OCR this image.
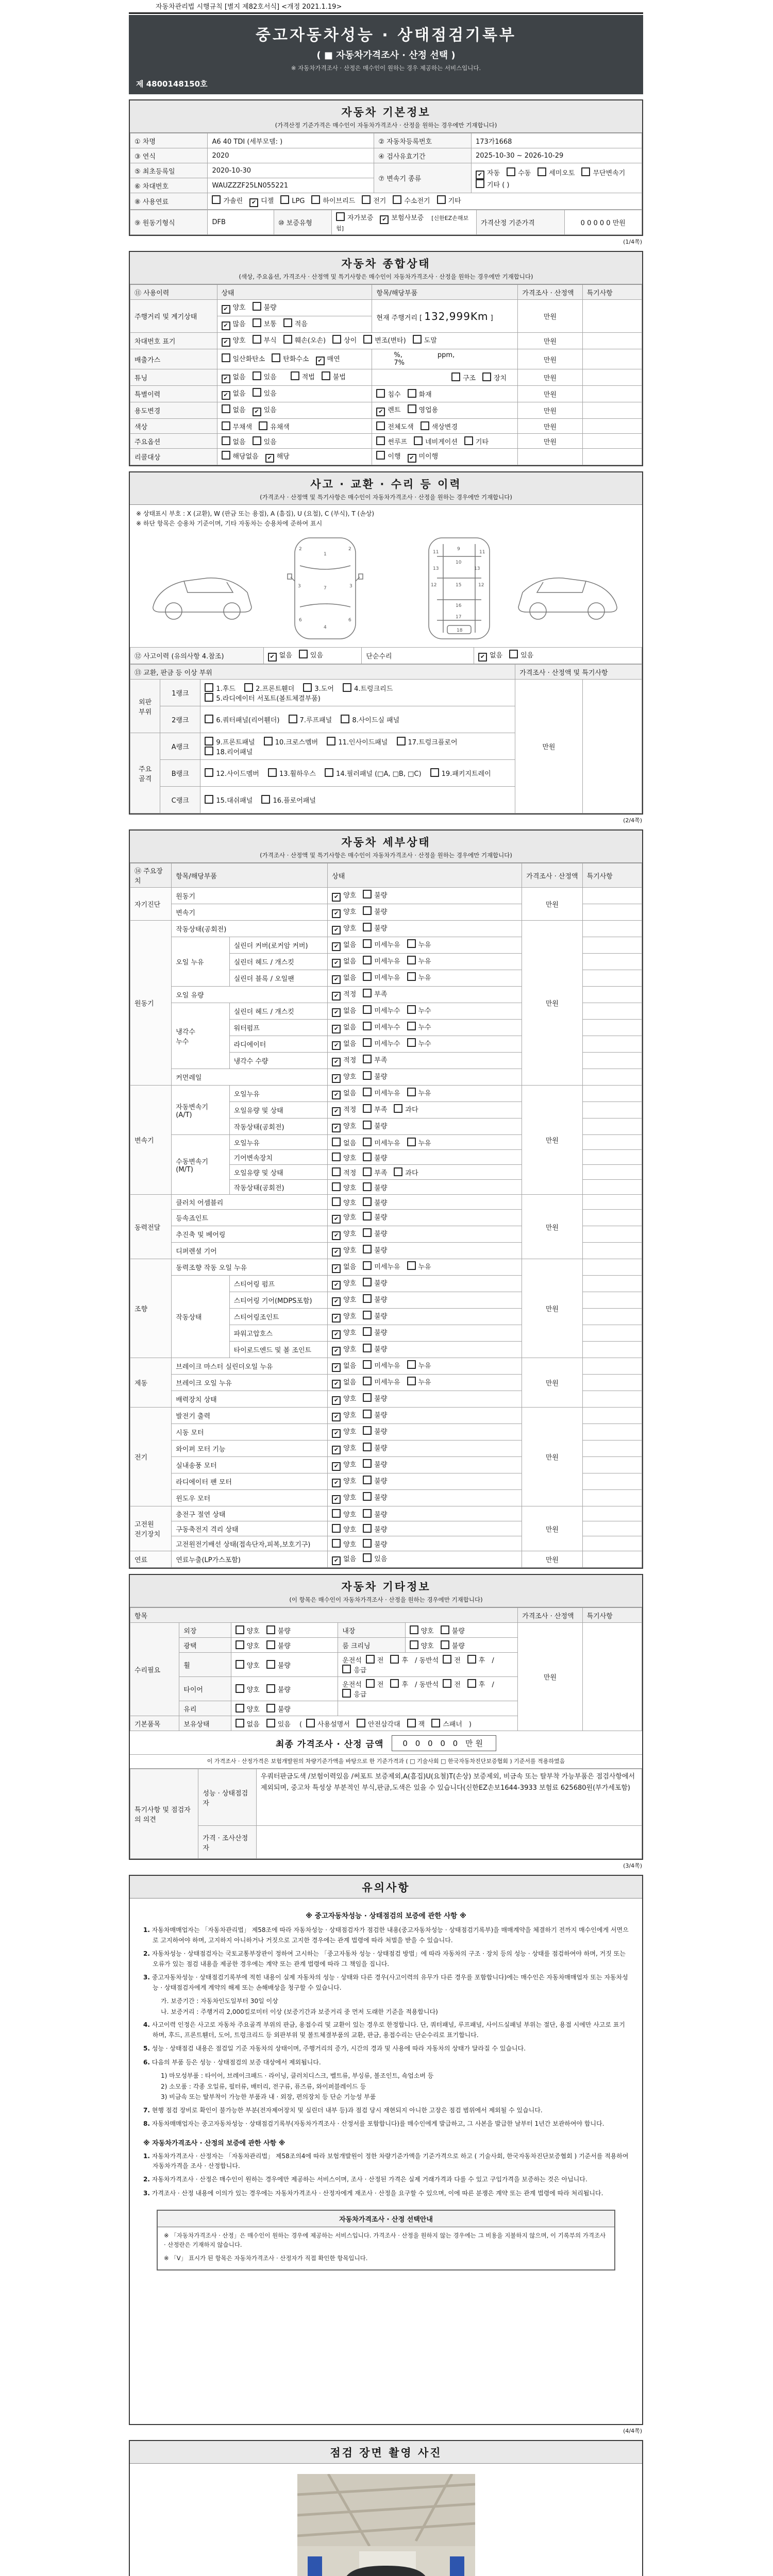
자동차관리법 시행규칙 [별지 제82호서식] <개정 2021.1.19>
중고자동차성능 · 상태점검기록부
( ■ 자동차가격조사 · 산정 선택 )
※ 자동차가격조사 · 산정은 매수인이 원하는 경우 제공하는 서비스입니다.
제 4800148150호
자동차 기본정보
(가격산정 기준가격은 매수인이 자동차가격조사 · 산정을 원하는 경우에만 기재합니다)
① 차명	A6 40 TDI (세부모델: )	② 자동차등록번호	173가1668
③ 연식	2020	④ 검사유효기간	2025-10-30 ~ 2026-10-29
⑤ 최초등록일	2020-10-30	⑦ 변속기 종류	✔ 자동 수동 세미오토 무단변속기기타 ( )
⑥ 차대번호	WAUZZZF25LN055221		
⑧ 사용연료	가솔린 ✔ 디젤 LPG 하이브리드 전기 수소전기 기타		
⑨ 원동기형식	DFB	⑩ 보증유형	자가보증 ✔ 보험사보증 [신한EZ손해보험]	가격산정 기준가격	0 0 0 0 0 만원
(1/4쪽)
자동차 종합상태
(색상, 주요옵션, 가격조사 · 산정액 및 특기사항은 매수인이 자동차가격조사 · 산정을 원하는 경우에만 기재합니다)
⑪ 사용이력	상태	항목/해당부품	가격조사 · 산정액	특기사항
주행거리 및 계기상태	✔ 양호 불량	현재 주행거리 [ 132,999Km ]	만원	
	✔ 많음 보통 적음			
차대번호 표기	✔ 양호 부식 훼손(오손) 상이 변조(변타) 도말		만원	
배출가스	일산화탄소 탄화수소 ✔ 매연	%, ppm,7%	만원	
튜닝	✔ 없음 있음 적법 불법	구조 장치	만원	
특별이력	✔ 없음 있음	침수 화재	만원	
용도변경	없음 ✔ 있음	✔ 렌트 영업용	만원	
색상	무채색 유채색	전체도색 색상변경	만원	
주요옵션	없음 있음	썬루프 네비게이션 기타	만원	
리콜대상	해당없음 ✔ 해당	이행 ✔ 미이행		
사고 · 교환 · 수리 등 이력
(가격조사 · 산정액 및 특기사항은 매수인이 자동차가격조사 · 산정을 원하는 경우에만 기재합니다)
※ 상태표시 부호 : X (교환), W (판금 또는 용접), A (흠집), U (요철), C (부식), T (손상)
※ 하단 항목은 승용차 기준이며, 기타 자동차는 승용차에 준하여 표시
1
7
4
2	2
3	3
6	6
9
10
11	11
12	12
13	13
15
16
17
18
⑫ 사고이력 (유의사항 4.참조)	✔ 없음	있음	단순수리	✔ 없음	있음
⑬ 교환, 판금 등 이상 부위			가격조사 · 산정액 및 특기사항	
외판
부위	1랭크	1.후드 2.프론트휀더 3.도어 4.트렁크리드 5.라디에이터 서포트(볼트체결부품)	만원	
	2랭크	6.쿼터패널(리어휀더) 7.루프패널 8.사이드실 패널		
주요
골격	A랭크	9.프론트패널 10.크로스멤버 11.인사이드패널 17.트렁크플로어 18.리어패널		
	B랭크	12.사이드멤버 13.휠하우스 14.필러패널 (□A, □B, □C) 19.패키지트레이		
	C랭크	15.대쉬패널 16.플로어패널		
(2/4쪽)
자동차 세부상태
(가격조사 · 산정액 및 특기사항은 매수인이 자동차가격조사 · 산정을 원하는 경우에만 기재합니다)
⑭ 주요장치	항목/해당부품		상태	가격조사 · 산정액	특기사항
자기진단	원동기		✔ 양호 불량	만원	
	변속기		✔ 양호 불량		
원동기	작동상태(공회전)		✔ 양호 불량	만원	
	오일 누유	실린더 커버(로커암 커버)	✔ 없음 미세누유 누유		
		실린더 헤드 / 개스킷	✔ 없음 미세누유 누유		
		실린더 블록 / 오일팬	✔ 없음 미세누유 누유		
	오일 유량		✔ 적정 부족		
	냉각수
누수	실린더 헤드 / 개스킷	✔ 없음 미세누수 누수		
		워터펌프	✔ 없음 미세누수 누수		
		라디에이터	✔ 없음 미세누수 누수		
		냉각수 수량	✔ 적정 부족		
	커먼레일		✔ 양호 불량		
변속기	자동변속기
(A/T)	오일누유	✔ 없음 미세누유 누유	만원	
		오일유량 및 상태	✔ 적정 부족 과다		
		작동상태(공회전)	✔ 양호 불량		
	수동변속기
(M/T)	오일누유	없음 미세누유 누유		
		기어변속장치	양호 불량		
		오일유량 및 상태	적정 부족 과다		
		작동상태(공회전)	양호 불량		
동력전달	클러치 어셈블리		양호 불량	만원	
	등속죠인트		✔ 양호 불량		
	추진축 및 베어링		✔ 양호 불량		
	디퍼렌셜 기어		✔ 양호 불량		
조향	동력조향 작동 오일 누유		✔ 없음 미세누유 누유	만원	
	작동상태	스티어링 펌프	✔ 양호 불량		
		스티어링 기어(MDPS포함)	✔ 양호 불량		
		스티어링조인트	✔ 양호 불량		
		파워고압호스	✔ 양호 불량		
		타이로드엔드 및 볼 조인트	✔ 양호 불량		
제동	브레이크 마스터 실린더오일 누유		✔ 없음 미세누유 누유	만원	
	브레이크 오일 누유		✔ 없음 미세누유 누유		
	배력장치 상태		✔ 양호 불량		
전기	발전기 출력		✔ 양호 불량	만원	
	시동 모터		✔ 양호 불량		
	와이퍼 모터 기능		✔ 양호 불량		
	실내송풍 모터		✔ 양호 불량		
	라디에이터 팬 모터		✔ 양호 불량		
	윈도우 모터		✔ 양호 불량		
고전원
전기장치	충전구 절연 상태		양호 불량	만원	
	구동축전지 격리 상태		양호 불량		
	고전원전기배선 상태(접속단자,피복,보호기구)		양호 불량		
연료	연료누출(LP가스포함)		✔ 없음 있음	만원	
자동차 기타정보
(이 항목은 매수인이 자동차가격조사 · 산정을 원하는 경우에만 기재합니다)
항목					가격조사 · 산정액	특기사항
수리필요	외장	양호 불량	내장	양호 불량	만원	
	광택	양호 불량	룸 크리닝	양호 불량		
	휠	양호 불량	운전석 전 후 / 동반석 전 후 /응급			
	타이어	양호 불량	운전석 전 후 / 동반석 전 후 /응급			
	유리	양호 불량				
기본품목	보유상태	없음 있음 ( 사용설명서 안전삼각대 잭 스패너 )				
최종 가격조사 · 산정 금액	0 0 0 0 0 만원
이 가격조사 · 산정가격은 보험개발원의 차량기준가액을 바탕으로 한 기준가격과 ( □ 기술사회 □ 한국자동차진단보증협회 ) 기준서를 적용하였음
특기사항 및 점검자의 의견	성능 · 상태점검자	우쿼터판금도색 /보험이력있음 /써포트 보증제외,A(흠집)U(요철)T(손상) 보증제외, 비금속 또는 탈부착 가능부품은 점검사항에서 제외되며, 중고차 특성상 부분적인 부식,판금,도색은 있을 수 있습니다(신한EZ손보1644-3933 보험료 625680원(부가세포함)
	가격 · 조사산정자	
(3/4쪽)
유의사항
※ 중고자동차성능 · 상태점검의 보증에 관한 사항 ※
1. 자동차매매업자는 「자동차관리법」 제58조에 따라 자동차성능 · 상태점검자가 점검한 내용(중고자동차성능 · 상태점검기록부)을 매매계약을 체결하기 전까지 매수인에게 서면으로 고지하여야 하며, 고지하지 아니하거나 거짓으로 고지한 경우에는 관계 법령에 따라 처벌을 받을 수 있습니다.
2. 자동차성능 · 상태점검자는 국토교통부장관이 정하여 고시하는 「중고자동차 성능 · 상태점검 방법」에 따라 자동차의 구조 · 장치 등의 성능 · 상태를 점검하여야 하며, 거짓 또는 오류가 있는 점검 내용을 제공한 경우에는 계약 또는 관계 법령에 따라 그 책임을 집니다.
3. 중고자동차성능 · 상태점검기록부에 적힌 내용이 실제 자동차의 성능 · 상태와 다른 경우(사고이력의 유무가 다른 경우를 포함합니다)에는 매수인은 자동차매매업자 또는 자동차성능 · 상태점검자에게 계약의 해제 또는 손해배상을 청구할 수 있습니다.
가. 보증기간 : 자동차인도일부터 30일 이상
나. 보증거리 : 주행거리 2,000킬로미터 이상 (보증기간과 보증거리 중 먼저 도래한 기준을 적용합니다)
4. 사고이력 인정은 사고로 자동차 주요골격 부위의 판금, 용접수리 및 교환이 있는 경우로 한정합니다. 단, 쿼터패널, 루프패널, 사이드실패널 부위는 절단, 용접 시에만 사고로 표기하며, 후드, 프론트휀더, 도어, 트렁크리드 등 외판부위 및 볼트체결부품의 교환, 판금, 용접수리는 단순수리로 표기합니다.
5. 성능 · 상태점검 내용은 점검일 기준 자동차의 상태이며, 주행거리의 증가, 시간의 경과 및 사용에 따라 자동차의 상태가 달라질 수 있습니다.
6. 다음의 부품 등은 성능 · 상태점검의 보증 대상에서 제외됩니다.
1) 마모성부품 : 타이어, 브레이크패드 · 라이닝, 클러치디스크, 벨트류, 부싱류, 볼조인트, 쇽업소버 등
2) 소모품 : 각종 오일류, 필터류, 배터리, 전구류, 퓨즈류, 와이퍼블레이드 등
3) 비금속 또는 탈부착이 가능한 부품과 내 · 외장, 편의장치 등 단순 기능성 부품
7. 현행 점검 장비로 확인이 불가능한 부분(전자제어장치 및 실린더 내부 등)과 점검 당시 재현되지 아니한 고장은 점검 범위에서 제외될 수 있습니다.
8. 자동차매매업자는 중고자동차성능 · 상태점검기록부(자동차가격조사 · 산정서를 포함합니다)를 매수인에게 발급하고, 그 사본을 발급한 날부터 1년간 보관하여야 합니다.
※ 자동차가격조사 · 산정의 보증에 관한 사항 ※
1. 자동차가격조사 · 산정자는 「자동차관리법」 제58조의4에 따라 보험개발원이 정한 차량기준가액을 기준가격으로 하고 ( 기술사회, 한국자동차진단보증협회 ) 기준서를 적용하여 자동차가격을 조사 · 산정합니다.
2. 자동차가격조사 · 산정은 매수인이 원하는 경우에만 제공하는 서비스이며, 조사 · 산정된 가격은 실제 거래가격과 다를 수 있고 구입가격을 보증하는 것은 아닙니다.
3. 가격조사 · 산정 내용에 이의가 있는 경우에는 자동차가격조사 · 산정자에게 재조사 · 산정을 요구할 수 있으며, 이에 따른 분쟁은 계약 또는 관계 법령에 따라 처리됩니다.
자동차가격조사 · 산정 선택안내
※ 「자동차가격조사 · 산정」은 매수인이 원하는 경우에 제공하는 서비스입니다. 가격조사 · 산정을 원하지 않는 경우에는 그 비용을 지불하지 않으며, 이 기록부의 가격조사 · 산정란은 기재하지 않습니다.
※ 「V」 표시가 된 항목은 자동차가격조사 · 산정자가 직접 확인한 항목입니다.
(4/4쪽)
점검 장면 촬영 사진
